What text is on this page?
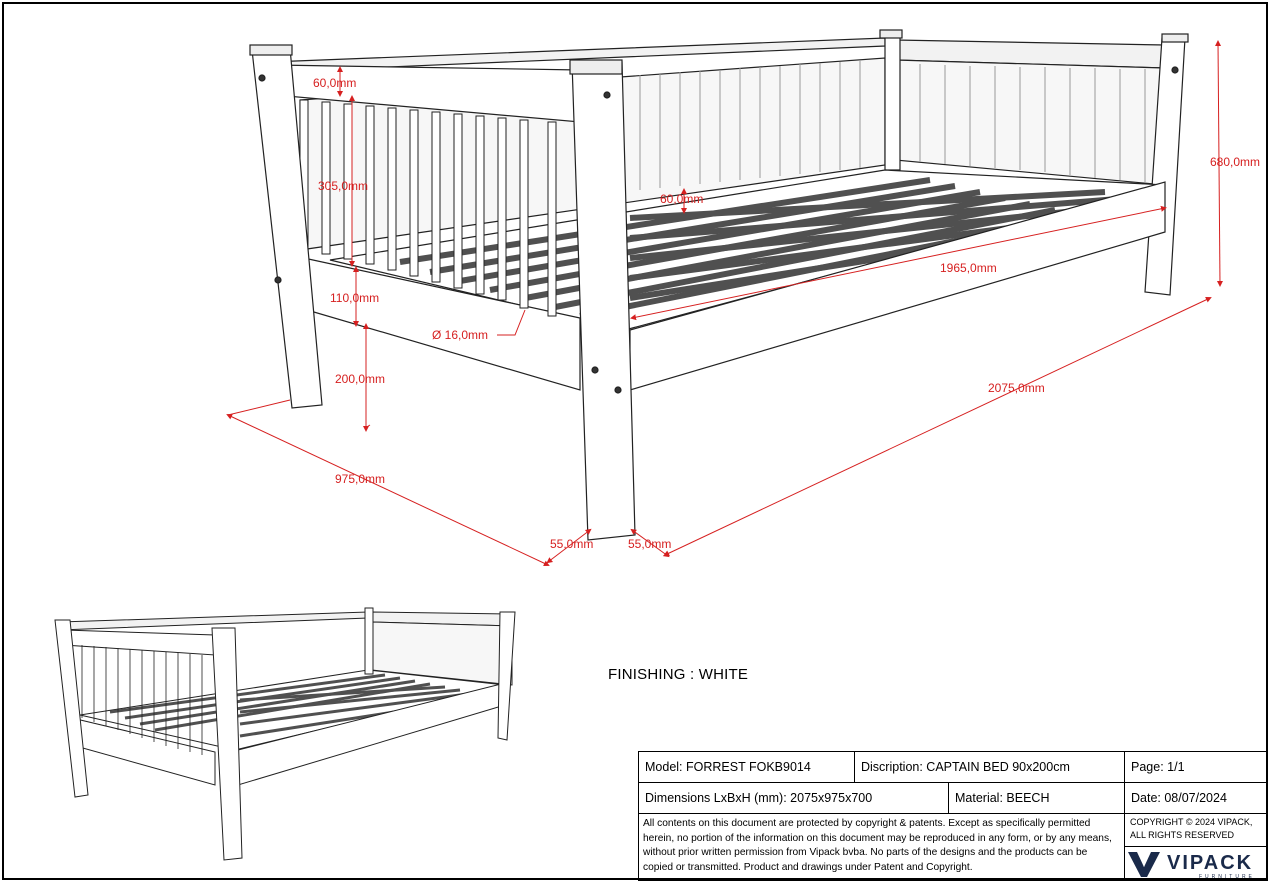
60,0mm
305,0mm
60,0mm
680,0mm
1965,0mm
110,0mm
Ø 16,0mm
200,0mm
2075,0mm
975,0mm
55,0mm	55,0mm
FINISHING : WHITE
Model: FORREST FOKB9014	Discription: CAPTAIN BED 90x200cm	Page: 1/1
Dimensions LxBxH (mm): 2075x975x700	Material: BEECH	Date: 08/07/2024
All contents on this document are protected by copyright & patents. Except as specifically permitted herein, no portion of the information on this document may be reproduced in any form, or by any means, without prior written permission from Vipack bvba. No parts of the designs and the products can be copied or transmitted. Product and drawings under Patent and Copyright.
COPYRIGHT © 2024 VIPACK,
ALL RIGHTS RESERVED
VIPACK
FURNITURE
